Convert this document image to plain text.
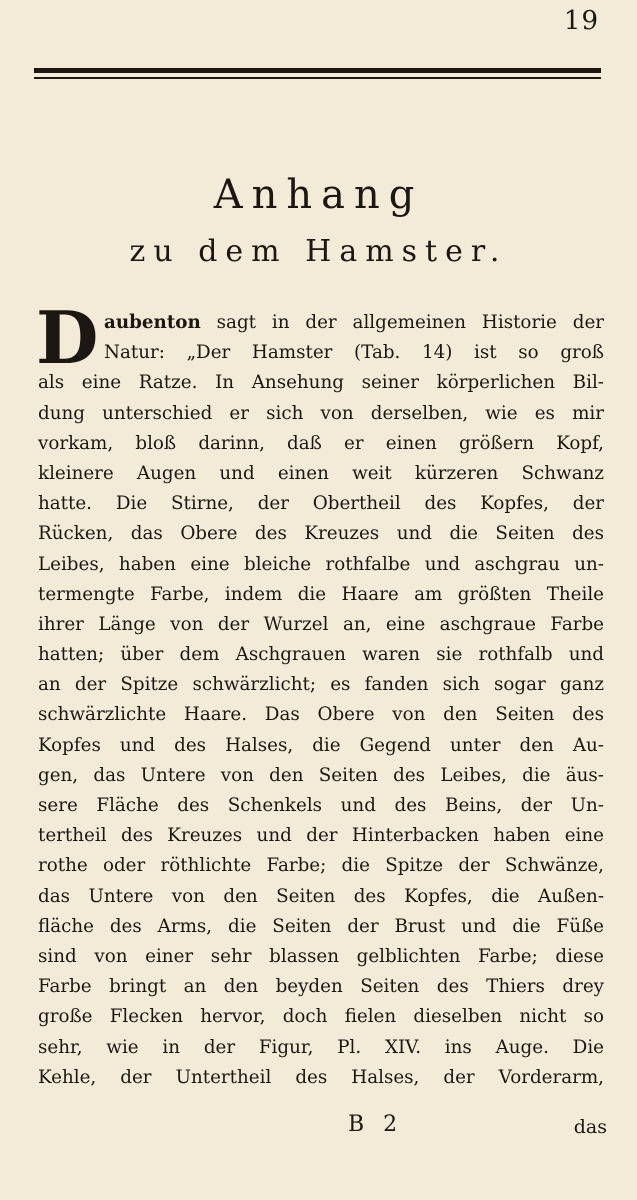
19
Anhang
zu dem Hamster.
D aubenton sagt in der allgemeinen Historie der
Natur: „Der Hamster (Tab. 14) ist so groß
als eine Ratze. In Ansehung seiner körperlichen Bil-
dung unterschied er sich von derselben, wie es mir
vorkam, bloß darinn, daß er einen größern Kopf,
kleinere Augen und einen weit kürzeren Schwanz
hatte. Die Stirne, der Obertheil des Kopfes, der
Rücken, das Obere des Kreuzes und die Seiten des
Leibes, haben eine bleiche rothfalbe und aschgrau un-
termengte Farbe, indem die Haare am größten Theile
ihrer Länge von der Wurzel an, eine aschgraue Farbe
hatten; über dem Aschgrauen waren sie rothfalb und
an der Spitze schwärzlicht; es fanden sich sogar ganz
schwärzlichte Haare. Das Obere von den Seiten des
Kopfes und des Halses, die Gegend unter den Au-
gen, das Untere von den Seiten des Leibes, die äus-
sere Fläche des Schenkels und des Beins, der Un-
tertheil des Kreuzes und der Hinterbacken haben eine
rothe oder röthlichte Farbe; die Spitze der Schwänze,
das Untere von den Seiten des Kopfes, die Außen-
fläche des Arms, die Seiten der Brust und die Füße
sind von einer sehr blassen gelblichten Farbe; diese
Farbe bringt an den beyden Seiten des Thiers drey
große Flecken hervor, doch fielen dieselben nicht so
sehr, wie in der Figur, Pl. XIV. ins Auge. Die
Kehle, der Untertheil des Halses, der Vorderarm,
B 2	das
